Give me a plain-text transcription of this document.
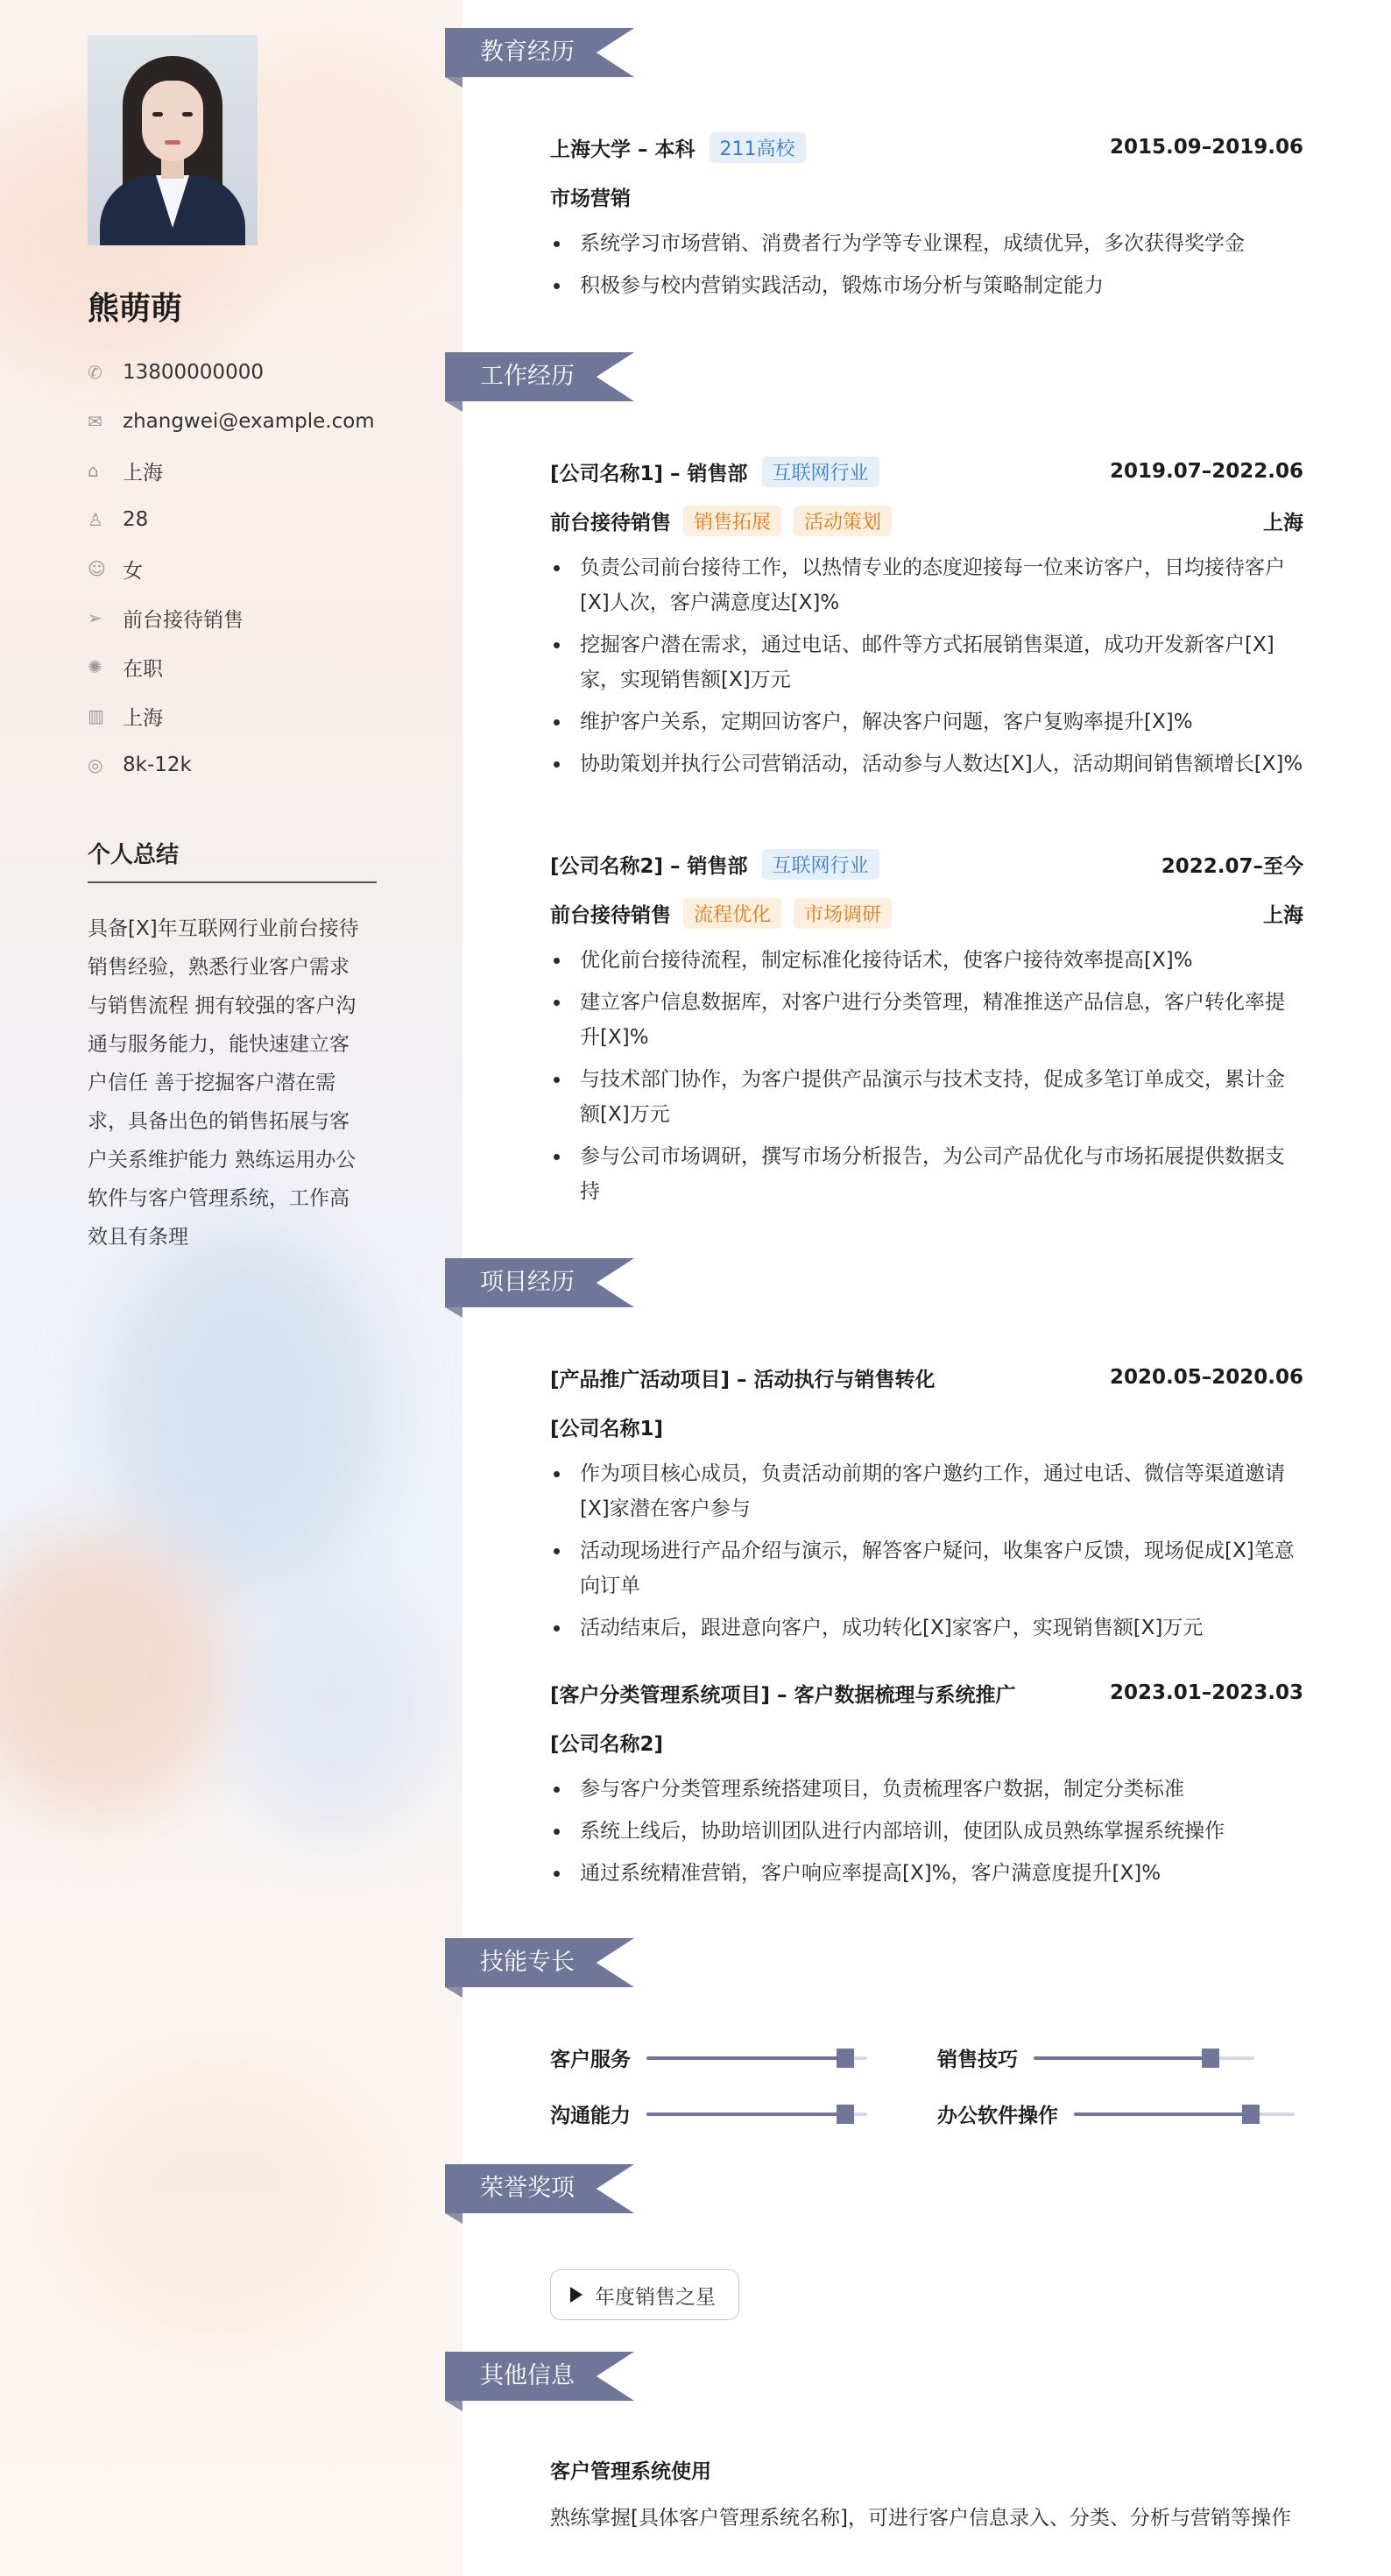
熊萌萌
✆	13800000000
✉	zhangwei@example.com
⌂	上海
♙ 28
☺ 女
➢	前台接待销售
✺	在职
▥ 上海
◎ 8k-12k
个人总结
具备[X]年互联网行业前台接待销售经验，熟悉行业客户需求与销售流程 拥有较强的客户沟通与服务能力，能快速建立客户信任 善于挖掘客户潜在需求，具备出色的销售拓展与客户关系维护能力 熟练运用办公软件与客户管理系统，工作高效且有条理
教育经历
上海大学 – 本科	211高校	2015.09–2019.06
市场营销
系统学习市场营销、消费者行为学等专业课程，成绩优异，多次获得奖学金
积极参与校内营销实践活动，锻炼市场分析与策略制定能力
工作经历
[公司名称1] – 销售部	互联网行业	2019.07–2022.06
前台接待销售	销售拓展	活动策划	上海
负责公司前台接待工作，以热情专业的态度迎接每一位来访客户，日均接待客户[X]人次，客户满意度达[X]%
挖掘客户潜在需求，通过电话、邮件等方式拓展销售渠道，成功开发新客户[X]家，实现销售额[X]万元
维护客户关系，定期回访客户，解决客户问题，客户复购率提升[X]%
协助策划并执行公司营销活动，活动参与人数达[X]人，活动期间销售额增长[X]%
[公司名称2] – 销售部	互联网行业	2022.07–至今
前台接待销售	流程优化	市场调研	上海
优化前台接待流程，制定标准化接待话术，使客户接待效率提高[X]%
建立客户信息数据库，对客户进行分类管理，精准推送产品信息，客户转化率提升[X]%
与技术部门协作，为客户提供产品演示与技术支持，促成多笔订单成交，累计金额[X]万元
参与公司市场调研，撰写市场分析报告，为公司产品优化与市场拓展提供数据支持
项目经历
[产品推广活动项目] – 活动执行与销售转化	2020.05–2020.06
[公司名称1]
作为项目核心成员，负责活动前期的客户邀约工作，通过电话、微信等渠道邀请[X]家潜在客户参与
活动现场进行产品介绍与演示，解答客户疑问，收集客户反馈，现场促成[X]笔意向订单
活动结束后，跟进意向客户，成功转化[X]家客户，实现销售额[X]万元
[客户分类管理系统项目] – 客户数据梳理与系统推广	2023.01–2023.03
[公司名称2]
参与客户分类管理系统搭建项目，负责梳理客户数据，制定分类标准
系统上线后，协助培训团队进行内部培训，使团队成员熟练掌握系统操作
通过系统精准营销，客户响应率提高[X]%，客户满意度提升[X]%
技能专长
客户服务	销售技巧
沟通能力	办公软件操作
荣誉奖项
年度销售之星
其他信息
客户管理系统使用
熟练掌握[具体客户管理系统名称]，可进行客户信息录入、分类、分析与营销等操作
